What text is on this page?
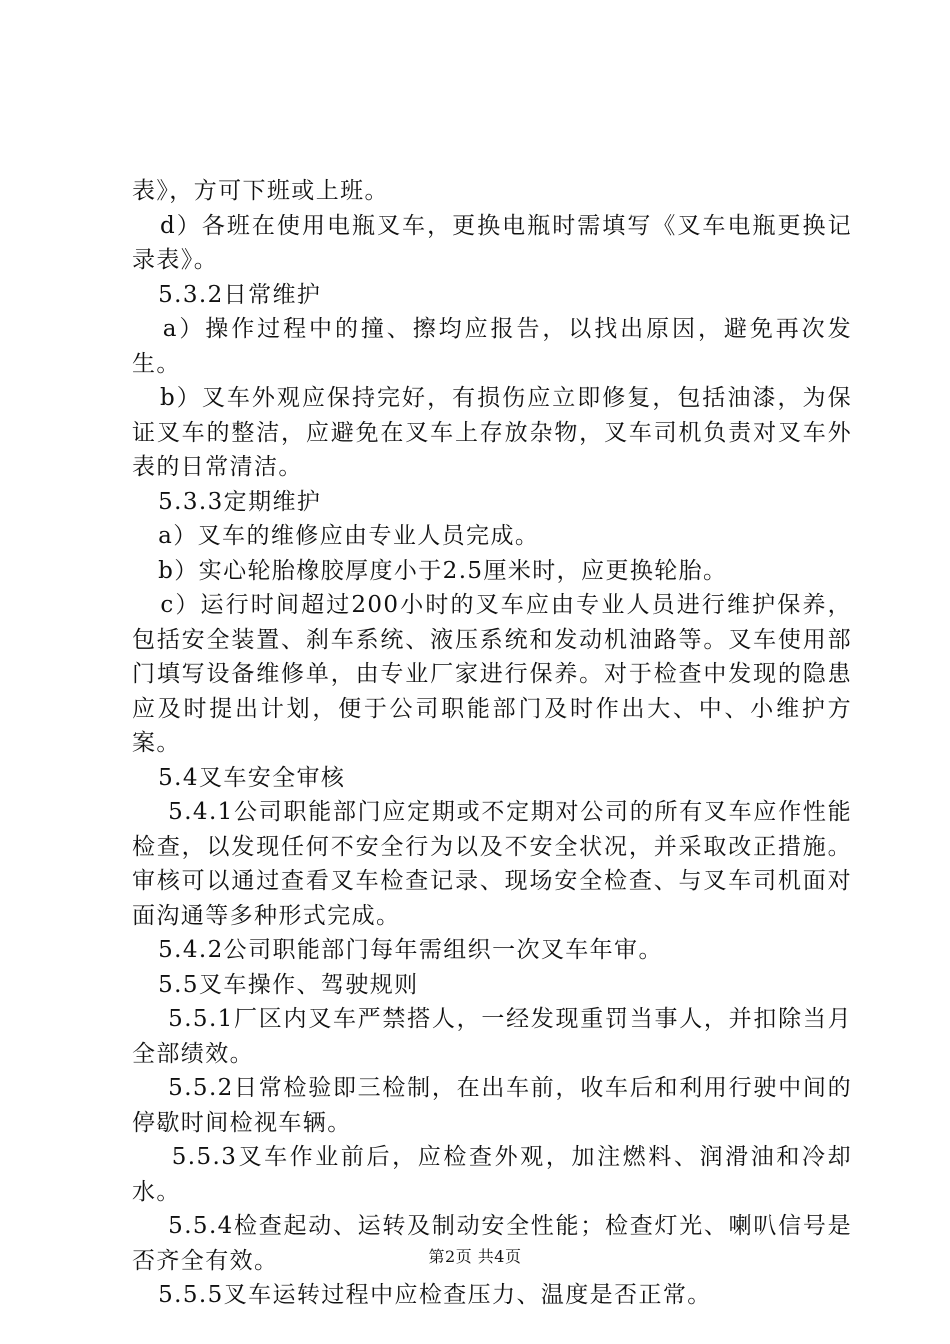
表》，方可下班或上班。

d）各班在使用电瓶叉车，更换电瓶时需填写《叉车电瓶更换记录表》。

5.3.2日常维护

a）操作过程中的撞、擦均应报告，以找出原因，避免再次发生。

b）叉车外观应保持完好，有损伤应立即修复，包括油漆，为保证叉车的整洁，应避免在叉车上存放杂物，叉车司机负责对叉车外表的日常清洁。

5.3.3定期维护

a）叉车的维修应由专业人员完成。

b）实心轮胎橡胶厚度小于2.5厘米时，应更换轮胎。

c）运行时间超过200小时的叉车应由专业人员进行维护保养，包括安全装置、刹车系统、液压系统和发动机油路等。叉车使用部门填写设备维修单，由专业厂家进行保养。对于检查中发现的隐患应及时提出计划，便于公司职能部门及时作出大、中、小维护方案。

5.4叉车安全审核

5.4.1公司职能部门应定期或不定期对公司的所有叉车应作性能检查，以发现任何不安全行为以及不安全状况，并采取改正措施。审核可以通过查看叉车检查记录、现场安全检查、与叉车司机面对面沟通等多种形式完成。

5.4.2公司职能部门每年需组织一次叉车年审。

5.5叉车操作、驾驶规则

5.5.1厂区内叉车严禁搭人，一经发现重罚当事人，并扣除当月全部绩效。

5.5.2日常检验即三检制，在出车前，收车后和利用行驶中间的停歇时间检视车辆。

5.5.3叉车作业前后，应检查外观，加注燃料、润滑油和冷却水。

5.5.4检查起动、运转及制动安全性能；检查灯光、喇叭信号是否齐全有效。

5.5.5叉车运转过程中应检查压力、温度是否正常。

第2页 共4页
